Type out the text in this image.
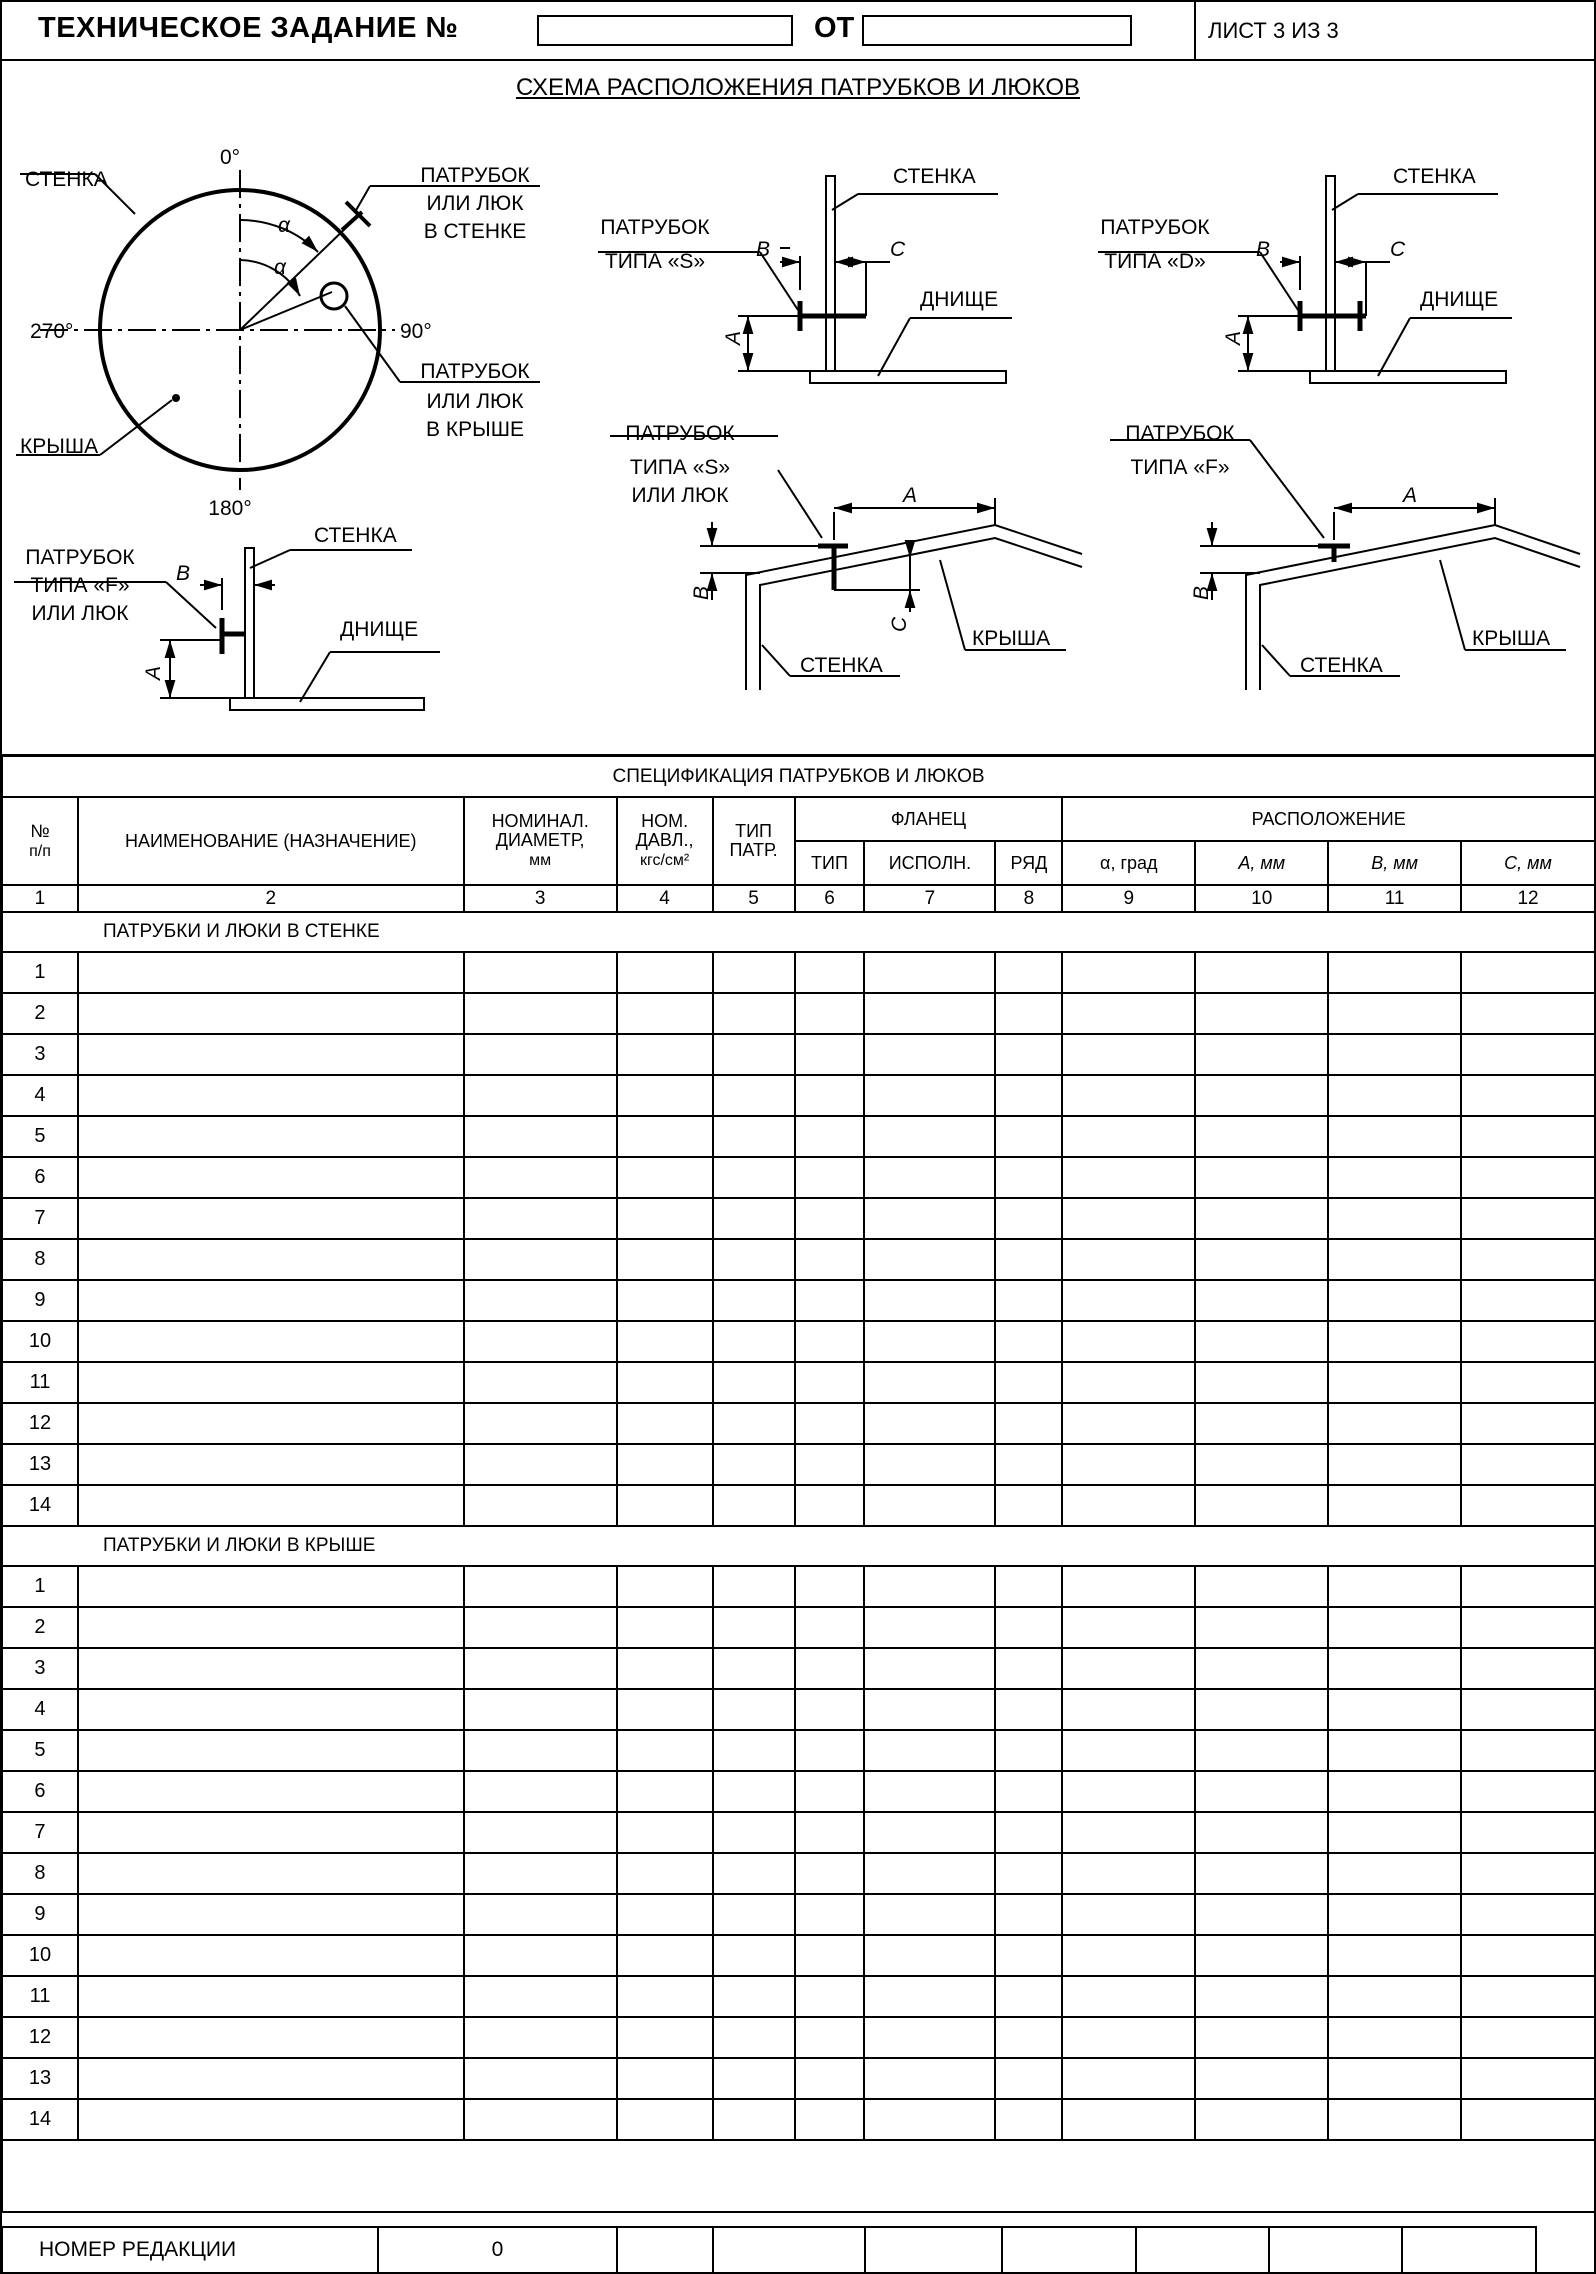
ТЕХНИЧЕСКОЕ ЗАДАНИЕ №	ОТ	ЛИСТ 3 ИЗ 3
СХЕМА РАСПОЛОЖЕНИЯ ПАТРУБКОВ И ЛЮКОВ
0°
90°
180°
270°
СТЕНКА
КРЫША
α
α
ПАТРУБОК
ИЛИ ЛЮК
В СТЕНКЕ
ПАТРУБОК
ИЛИ ЛЮК
В КРЫШЕ
СТЕНКА
ДНИЩЕ
ПАТРУБОК
ТИПА «S»
B	C
A
СТЕНКА
ДНИЩЕ
ПАТРУБОК
ТИПА «D»
B	C
A
СТЕНКА
ДНИЩЕ
ПАТРУБОК
ТИПА «F»
ИЛИ ЛЮК
B
A
ПАТРУБОК
ТИПА «S»
ИЛИ ЛЮК	A
B
C
КРЫША
СТЕНКА
ПАТРУБОК
ТИПА «F»
A
B
КРЫША
СТЕНКА
СПЕЦИФИКАЦИЯ ПАТРУБКОВ И ЛЮКОВ											
№
п/п	НАИМЕНОВАНИЕ (НАЗНАЧЕНИЕ)	НОМИНАЛ.
ДИАМЕТР,
мм	НОМ.
ДАВЛ.,
кгс/см²	ТИП
ПАТР.	ФЛАНЕЦ			РАСПОЛОЖЕНИЕ			
					ТИП	ИСПОЛН.	РЯД	α, град	А, мм	В, мм	С, мм
1	2	3	4	5	6	7	8	9	10	11	12
ПАТРУБКИ И ЛЮКИ В СТЕНКЕ											
1											
2											
3											
4											
5											
6											
7											
8											
9											
10											
11											
12											
13											
14											
ПАТРУБКИ И ЛЮКИ В КРЫШЕ											
1											
2											
3											
4											
5											
6											
7											
8											
9											
10											
11											
12											
13											
14											

НОМЕР РЕДАКЦИИ	0							
